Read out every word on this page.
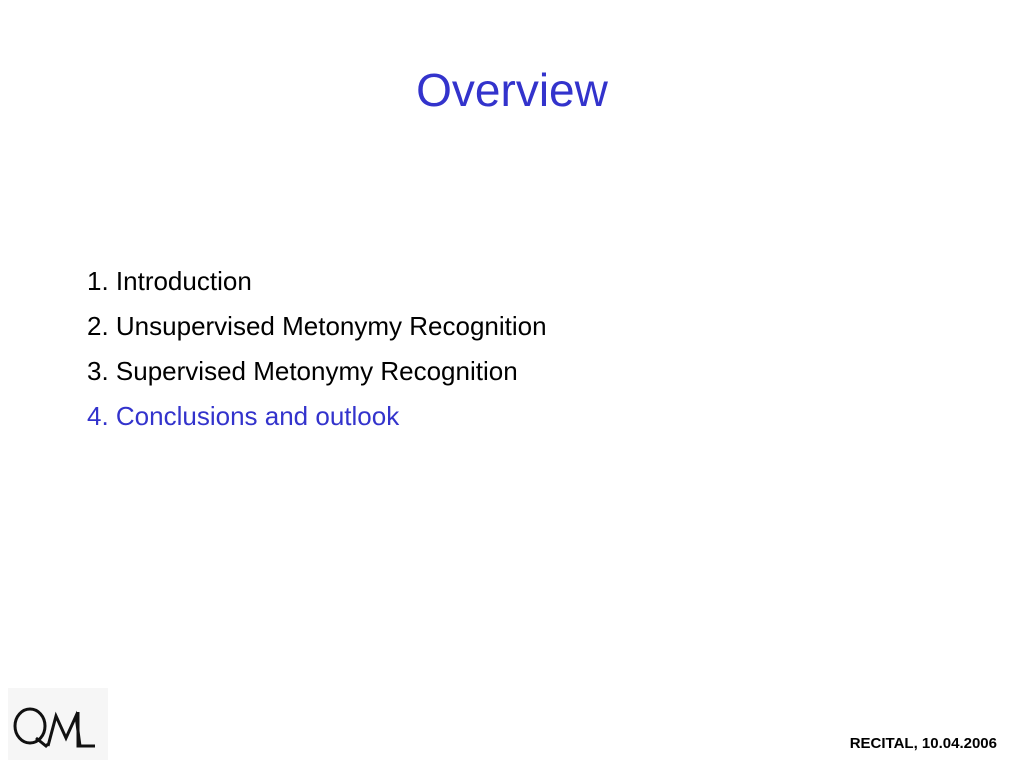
Overview
1. Introduction
2. Unsupervised Metonymy Recognition
3. Supervised Metonymy Recognition
4. Conclusions and outlook
RECITAL, 10.04.2006
